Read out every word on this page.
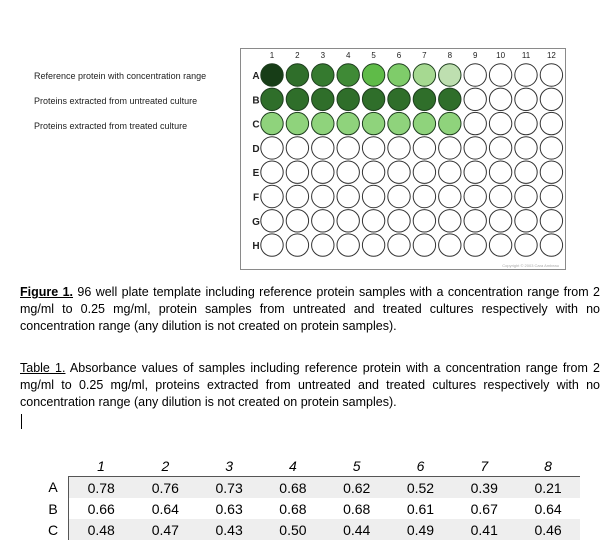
Reference protein with concentration range
Proteins extracted from untreated culture
Proteins extracted from treated culture
1	2	3	4	5	6	7	8	9 10 11 12
A
B
C
D
E
F
G
H
Copyright © 2003 Cara Ambeau
Figure 1. 96 well plate template including reference protein samples with a concentration range from 2 mg/ml to 0.25 mg/ml, protein samples from untreated and treated cultures respectively with no concentration range (any dilution is not created on protein samples).
Table 1. Absorbance values of samples including reference protein with a concentration range from 2 mg/ml to 0.25 mg/ml, proteins extracted from untreated and treated cultures respectively with no concentration range (any dilution is not created on protein samples).
	1	2	3	4	5	6	7	8
A	0.78	0.76	0.73	0.68	0.62	0.52	0.39	0.21
B	0.66	0.64	0.63	0.68	0.68	0.61	0.67	0.64
C	0.48	0.47	0.43	0.50	0.44	0.49	0.41	0.46
